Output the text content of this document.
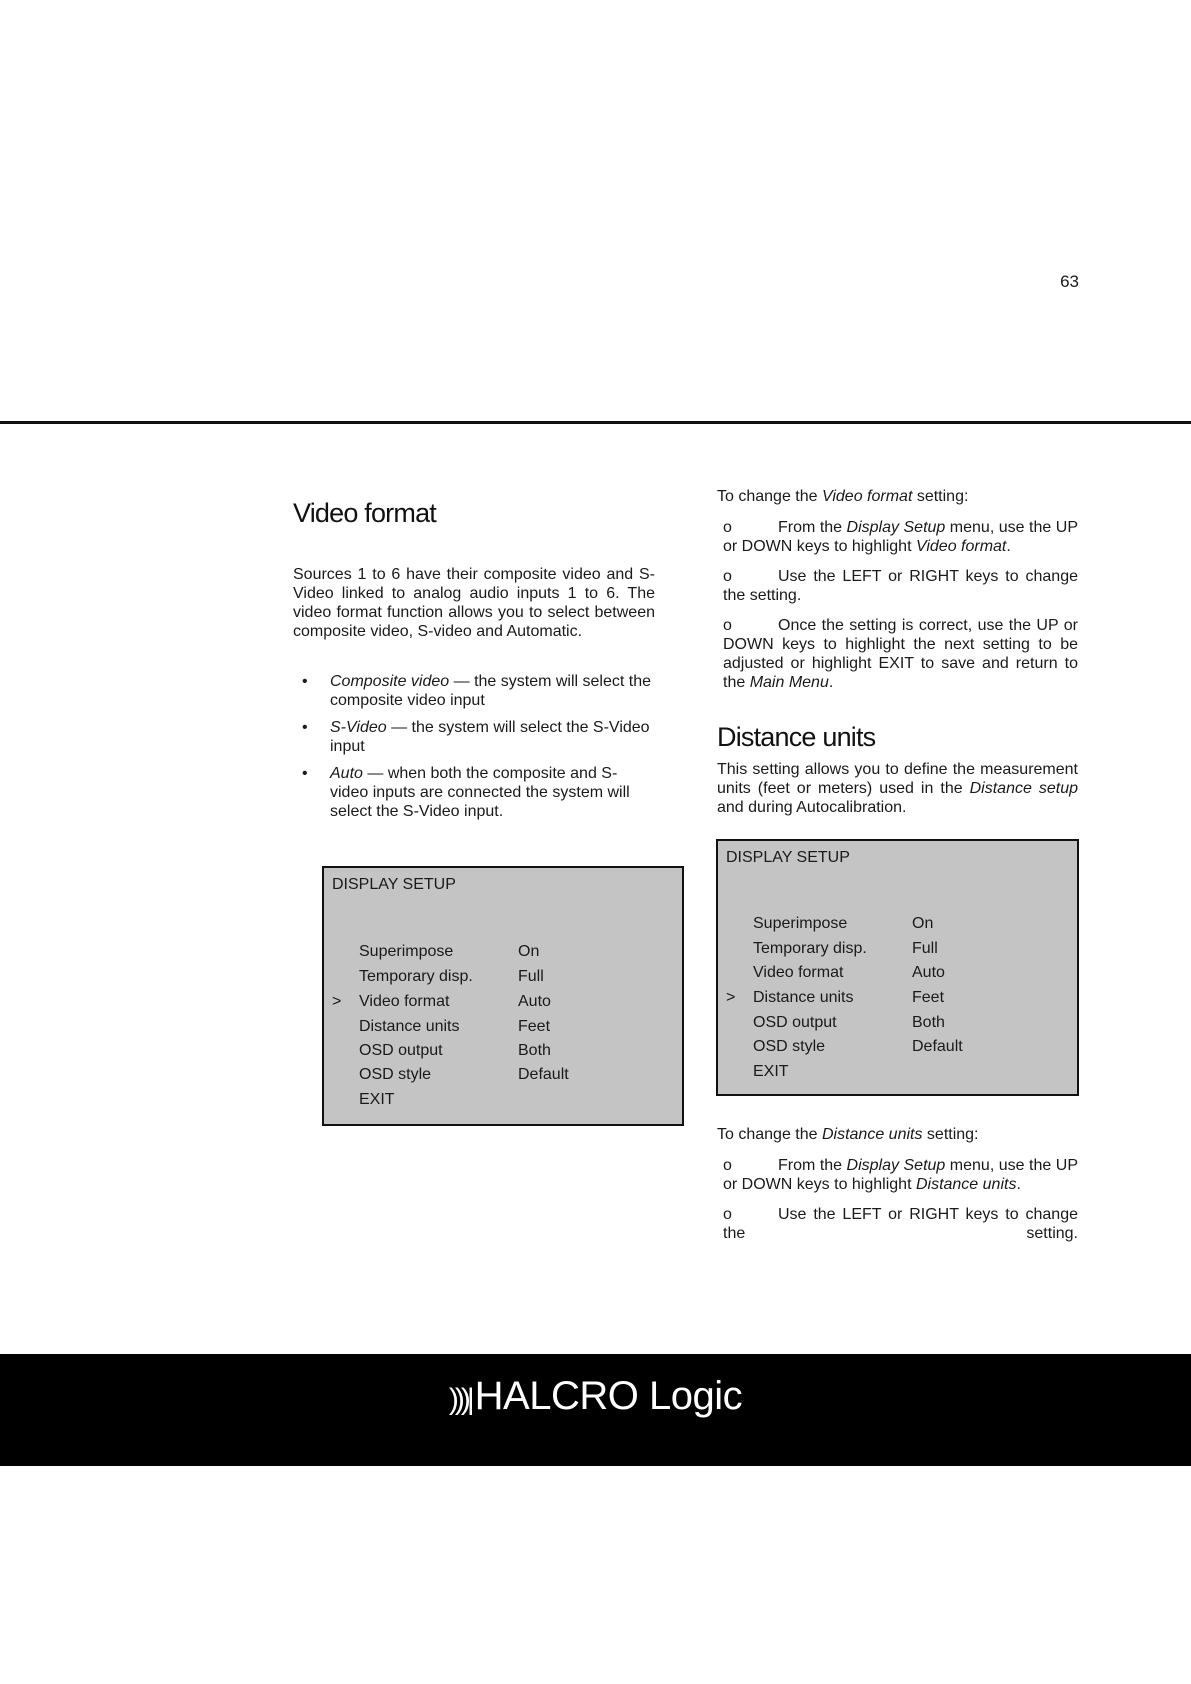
63
Video format

Sources 1 to 6 have their composite video and S-Video linked to analog audio inputs 1 to 6. The video format function allows you to select between composite video, S-video and Automatic.

• Composite video — the system will select the composite video input
• S-Video — the system will select the S-Video input
• Auto — when both the composite and S-video inputs are connected the system will select the S-Video input.
DISPLAY SETUP
Superimpose	On
Temporary disp.	Full
> Video format	Auto
Distance units	Feet
OSD output	Both
OSD style	Default
EXIT

To change the Video format setting:

o	From the Display Setup menu, use the UP or DOWN keys to highlight Video format.
o	Use the LEFT or RIGHT keys to change the setting.
o	Once the setting is correct, use the UP or DOWN keys to highlight the next setting to be adjusted or highlight EXIT to save and return to the Main Menu.
Distance units

This setting allows you to define the measurement units (feet or meters) used in the Distance setup and during Autocalibration.

To change the Distance units setting:

o	From the Display Setup menu, use the UP or DOWN keys to highlight Distance units.
o	Use the LEFT or RIGHT keys to change the setting.
DISPLAY SETUP
Superimpose	On
Temporary disp.	Full
Video format	Auto
> Distance units	Feet
OSD output	Both
OSD style	Default
EXIT
)))| HALCRO Logic
